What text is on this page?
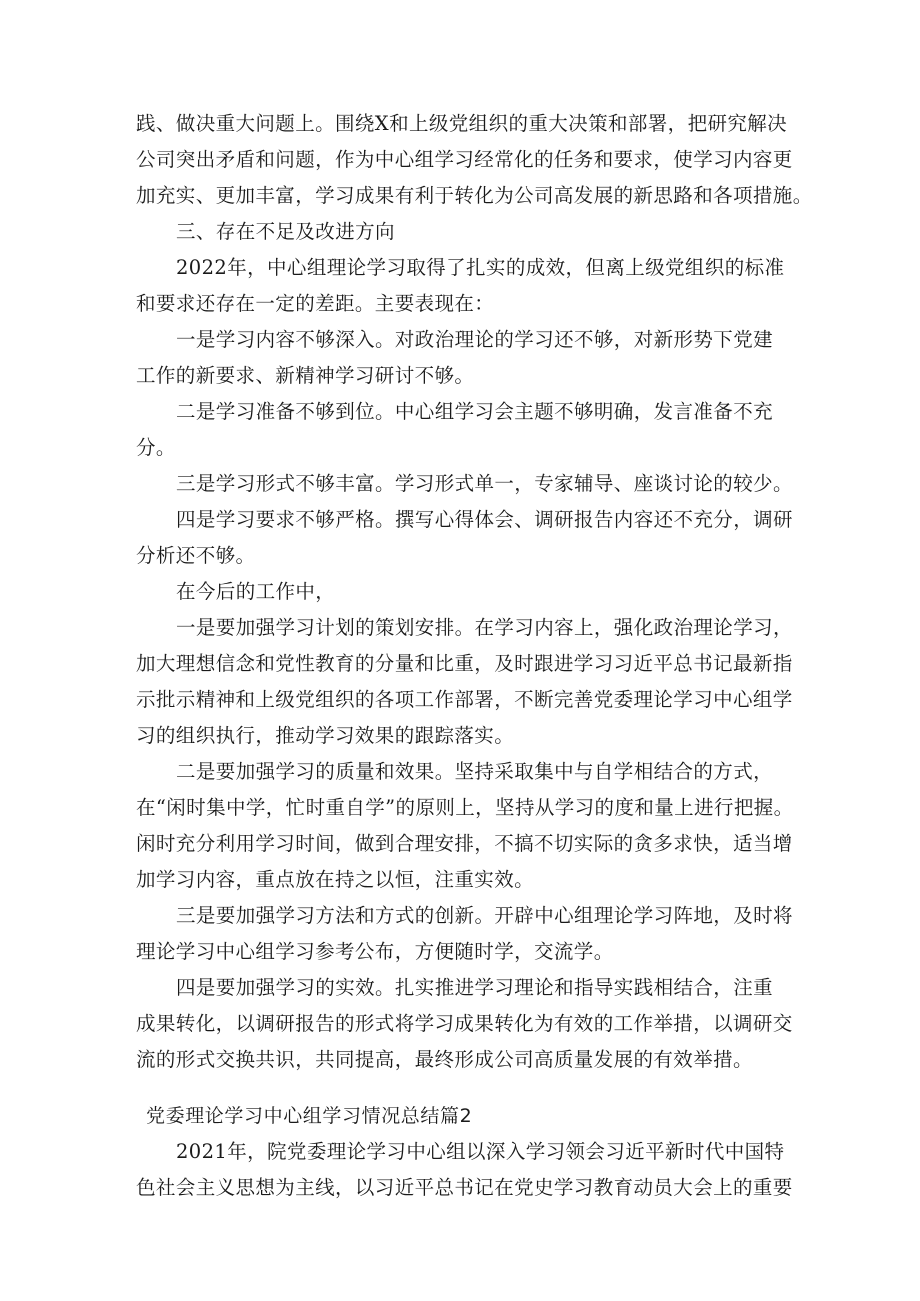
践、做决重大问题上。围绕X和上级党组织的重大决策和部署，把研究解决
公司突出矛盾和问题，作为中心组学习经常化的任务和要求，使学习内容更
加充实、更加丰富，学习成果有利于转化为公司高发展的新思路和各项措施。
三、存在不足及改进方向
2022年，中心组理论学习取得了扎实的成效，但离上级党组织的标准
和要求还存在一定的差距。主要表现在：
一是学习内容不够深入。对政治理论的学习还不够，对新形势下党建
工作的新要求、新精神学习研讨不够。
二是学习准备不够到位。中心组学习会主题不够明确，发言准备不充
分。
三是学习形式不够丰富。学习形式单一，专家辅导、座谈讨论的较少。
四是学习要求不够严格。撰写心得体会、调研报告内容还不充分，调研
分析还不够。
在今后的工作中，
一是要加强学习计划的策划安排。在学习内容上，强化政治理论学习，
加大理想信念和党性教育的分量和比重，及时跟进学习习近平总书记最新指
示批示精神和上级党组织的各项工作部署，不断完善党委理论学习中心组学
习的组织执行，推动学习效果的跟踪落实。
二是要加强学习的质量和效果。坚持采取集中与自学相结合的方式，
在“闲时集中学，忙时重自学”的原则上，坚持从学习的度和量上进行把握。
闲时充分利用学习时间，做到合理安排，不搞不切实际的贪多求快，适当增
加学习内容，重点放在持之以恒，注重实效。
三是要加强学习方法和方式的创新。开辟中心组理论学习阵地，及时将
理论学习中心组学习参考公布，方便随时学，交流学。
四是要加强学习的实效。扎实推进学习理论和指导实践相结合，注重
成果转化，以调研报告的形式将学习成果转化为有效的工作举措，以调研交
流的形式交换共识，共同提高，最终形成公司高质量发展的有效举措。
党委理论学习中心组学习情况总结篇2
2021年，院党委理论学习中心组以深入学习领会习近平新时代中国特
色社会主义思想为主线，以习近平总书记在党史学习教育动员大会上的重要
